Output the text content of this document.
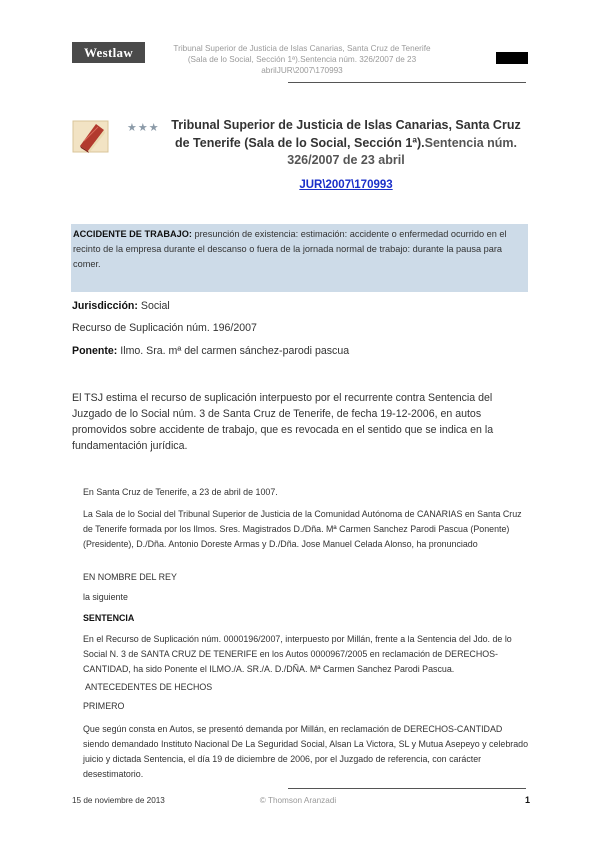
Westlaw	Tribunal Superior de Justicia de Islas Canarias, Santa Cruz de Tenerife
(Sala de lo Social, Sección 1ª).Sentencia núm. 326/2007 de 23
abrilJUR\2007\170993
★★★ Tribunal Superior de Justicia de Islas Canarias, Santa Cruz de Tenerife (Sala de lo Social, Sección 1ª).Sentencia núm. 326/2007 de 23 abril
JUR\2007\170993
ACCIDENTE DE TRABAJO: presunción de existencia: estimación: accidente o enfermedad ocurrido en el recinto de la empresa durante el descanso o fuera de la jornada normal de trabajo: durante la pausa para comer.
Jurisdicción: Social
Recurso de Suplicación núm. 196/2007
Ponente: Ilmo. Sra. mª del carmen sánchez-parodi pascua
El TSJ estima el recurso de suplicación interpuesto por el recurrente contra Sentencia del Juzgado de lo Social núm. 3 de Santa Cruz de Tenerife, de fecha 19-12-2006, en autos promovidos sobre accidente de trabajo, que es revocada en el sentido que se indica en la fundamentación jurídica.
En Santa Cruz de Tenerife, a 23 de abril de 1007.
La Sala de lo Social del Tribunal Superior de Justicia de la Comunidad Autónoma de CANARIAS en Santa Cruz de Tenerife formada por los Ilmos. Sres. Magistrados D./Dña. Mª Carmen Sanchez Parodi Pascua (Ponente) (Presidente), D./Dña. Antonio Doreste Armas y D./Dña. Jose Manuel Celada Alonso, ha pronunciado
EN NOMBRE DEL REY
la siguiente
SENTENCIA
En el Recurso de Suplicación núm. 0000196/2007, interpuesto por Millán, frente a la Sentencia del Jdo. de lo Social N. 3 de SANTA CRUZ DE TENERIFE en los Autos 0000967/2005 en reclamación de DERECHOS-CANTIDAD, ha sido Ponente el ILMO./A. SR./A. D./DÑA. Mª Carmen Sanchez Parodi Pascua.
ANTECEDENTES DE HECHOS
PRIMERO
Que según consta en Autos, se presentó demanda por Millán, en reclamación de DERECHOS-CANTIDAD siendo demandado Instituto Nacional De La Seguridad Social, Alsan La Victora, SL y Mutua Asepeyo y celebrado juicio y dictada Sentencia, el día 19 de diciembre de 2006, por el Juzgado de referencia, con carácter desestimatorio.
15 de noviembre de 2013	© Thomson Aranzadi	1
